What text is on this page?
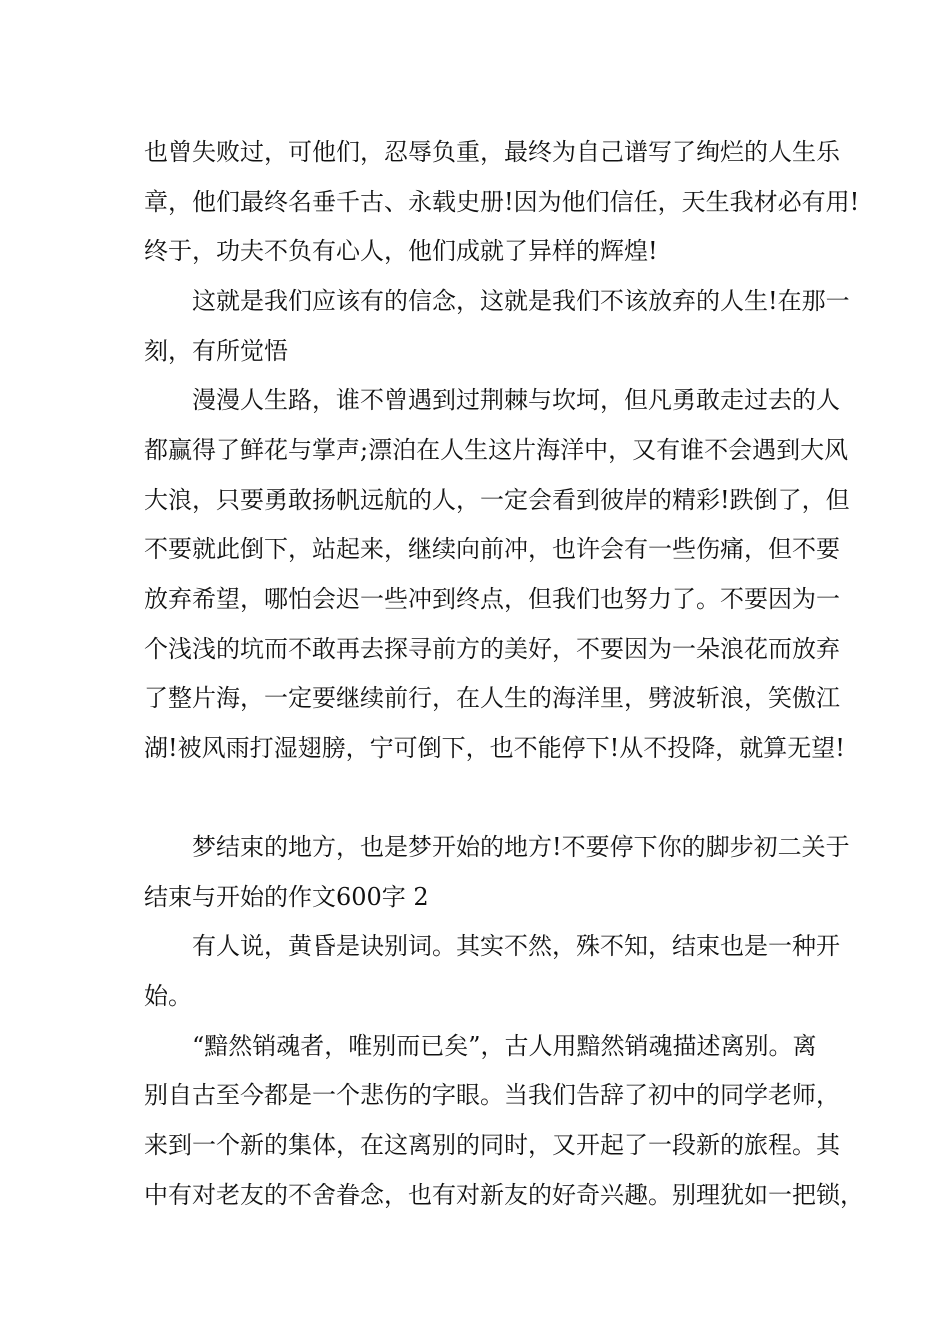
也曾失败过，可他们，忍辱负重，最终为自己谱写了绚烂的人生乐

章，他们最终名垂千古、永载史册!因为他们信任，天生我材必有用!

终于，功夫不负有心人，他们成就了异样的辉煌!

这就是我们应该有的信念，这就是我们不该放弃的人生!在那一

刻，有所觉悟

漫漫人生路，谁不曾遇到过荆棘与坎坷，但凡勇敢走过去的人

都赢得了鲜花与掌声;漂泊在人生这片海洋中，又有谁不会遇到大风

大浪，只要勇敢扬帆远航的人，一定会看到彼岸的精彩!跌倒了，但

不要就此倒下，站起来，继续向前冲，也许会有一些伤痛，但不要

放弃希望，哪怕会迟一些冲到终点，但我们也努力了。不要因为一

个浅浅的坑而不敢再去探寻前方的美好，不要因为一朵浪花而放弃

了整片海，一定要继续前行，在人生的海洋里，劈波斩浪，笑傲江

湖!被风雨打湿翅膀，宁可倒下，也不能停下!从不投降，就算无望!

梦结束的地方，也是梦开始的地方!不要停下你的脚步初二关于

结束与开始的作文600字 2

有人说，黄昏是诀别词。其实不然，殊不知，结束也是一种开

始。

“黯然销魂者，唯别而已矣”，古人用黯然销魂描述离别。离

别自古至今都是一个悲伤的字眼。当我们告辞了初中的同学老师，

来到一个新的集体，在这离别的同时，又开起了一段新的旅程。其

中有对老友的不舍眷念，也有对新友的好奇兴趣。别理犹如一把锁，
